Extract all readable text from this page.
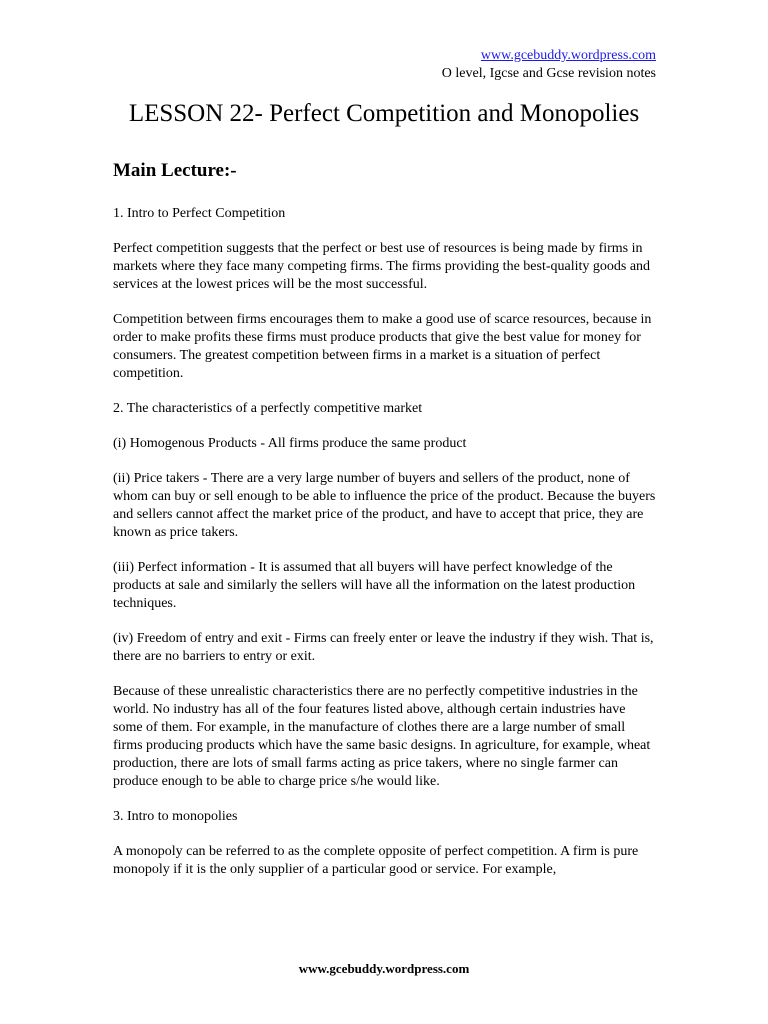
www.gcebuddy.wordpress.com
O level, Igcse and Gcse revision notes
LESSON 22- Perfect Competition and Monopolies
Main Lecture:-

1. Intro to Perfect Competition

Perfect competition suggests that the perfect or best use of resources is being made by firms in markets where they face many competing firms. The firms providing the best-quality goods and services at the lowest prices will be the most successful.

Competition between firms encourages them to make a good use of scarce resources, because in order to make profits these firms must produce products that give the best value for money for consumers. The greatest competition between firms in a market is a situation of perfect competition.

2. The characteristics of a perfectly competitive market

(i) Homogenous Products - All firms produce the same product

(ii) Price takers - There are a very large number of buyers and sellers of the product, none of whom can buy or sell enough to be able to influence the price of the product. Because the buyers and sellers cannot affect the market price of the product, and have to accept that price, they are known as price takers.

(iii) Perfect information - It is assumed that all buyers will have perfect knowledge of the products at sale and similarly the sellers will have all the information on the latest production techniques.

(iv) Freedom of entry and exit - Firms can freely enter or leave the industry if they wish. That is, there are no barriers to entry or exit.

Because of these unrealistic characteristics there are no perfectly competitive industries in the world. No industry has all of the four features listed above, although certain industries have some of them. For example, in the manufacture of clothes there are a large number of small firms producing products which have the same basic designs. In agriculture, for example, wheat production, there are lots of small farms acting as price takers, where no single farmer can produce enough to be able to charge price s/he would like.

3. Intro to monopolies

A monopoly can be referred to as the complete opposite of perfect competition. A firm is pure monopoly if it is the only supplier of a particular good or service. For example,

www.gcebuddy.wordpress.com
